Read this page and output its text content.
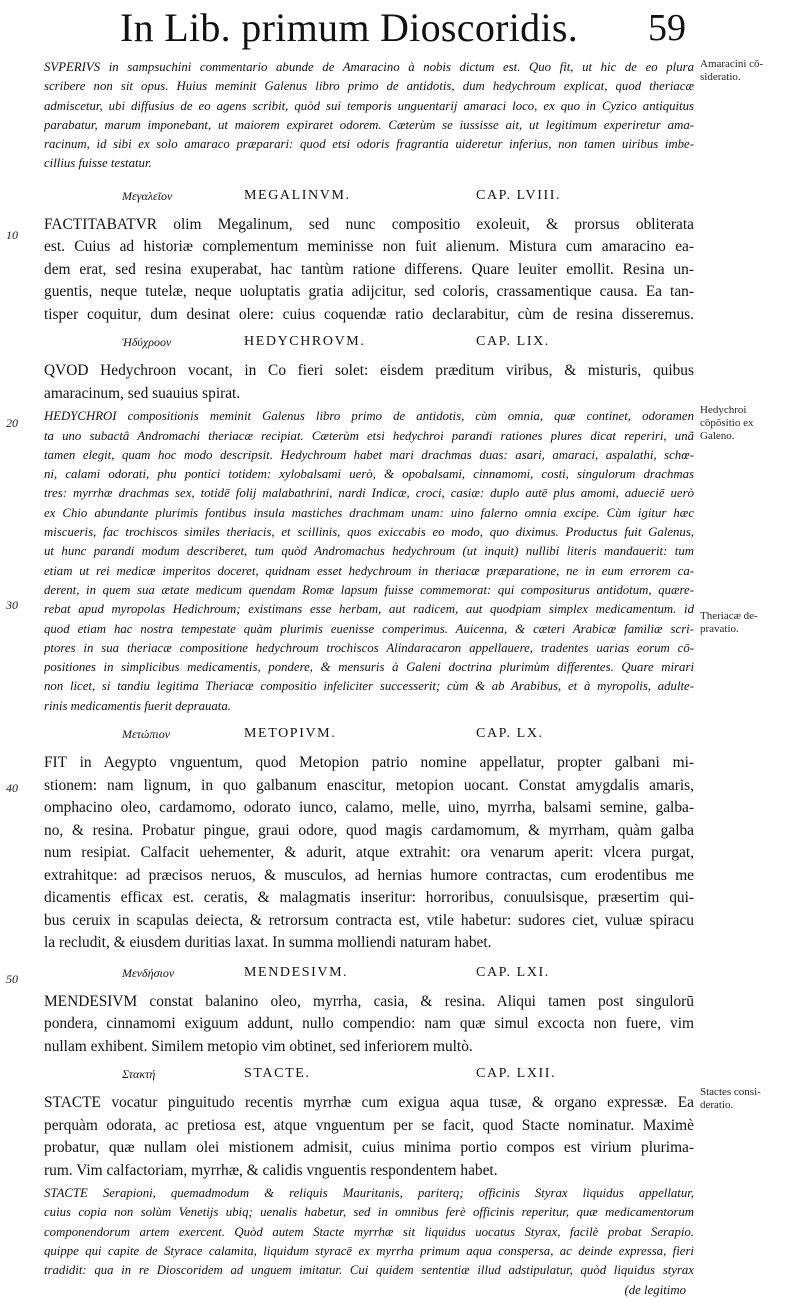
In Lib. primum Dioscoridis. 59
SVPERIVS in sampsuchini commentario abunde de Amaracino à nobis dictum est. Quo fit, ut hic de eo plura
scribere non sit opus. Huius meminit Galenus libro primo de antidotis, dum hedychroum explicat, quod theriacæ
admiscetur, ubi diffusius de eo agens scribit, quòd sui temporis unguentarij amaraci loco, ex quo in Cyzico antiquitus
parabatur, marum imponebant, ut maiorem expiraret odorem. Cæterùm se iussisse ait, ut legitimum experiretur ama-
racinum, id sibi ex solo amaraco præparari: quod etsi odoris fragrantia uideretur inferius, non tamen uiribus imbe-
cillius fuisse testatur.
Μεγαλεῖον	MEGALINVM.	CAP. LVIII.
FACTITABATVR olim Megalinum, sed nunc compositio exoleuit, & prorsus obliterata
est. Cuius ad historiæ complementum meminisse non fuit alienum. Mistura cum amaracino ea-
dem erat, sed resina exuperabat, hac tantùm ratione differens. Quare leuiter emollit. Resina un-
guentis, neque tutelæ, neque uoluptatis gratia adijcitur, sed coloris, crassamentique causa. Ea tan-
tisper coquitur, dum desinat olere: cuius coquendæ ratio declarabitur, cùm de resina disseremus.
Ἡδύχροον	HEDYCHROVM.	CAP. LIX.
QVOD Hedychroon vocant, in Co fieri solet: eisdem præditum viribus, & misturis, quibus
amaracinum, sed suauius spirat.
HEDYCHROI compositionis meminit Galenus libro primo de antidotis, cùm omnia, quæ continet, odoramen
ta uno subactâ Andromachi theriacæ recipiat. Cæterùm etsi hedychroi parandi rationes plures dicat reperiri, unã
tamen elegit, quam hoc modo descripsit. Hedychroum habet mari drachmas duas: asari, amaraci, aspalathi, schœ-
ni, calami odorati, phu pontici totidem: xylobalsami uerò, & opobalsami, cinnamomi, costi, singulorum drachmas
tres: myrrhæ drachmas sex, totidē folij malabathrini, nardi Indicæ, croci, casiæ: duplo autē plus amomi, adueciē uerò
ex Chio abundante plurimis fontibus insula mastiches drachmam unam: uino falerno omnia excipe. Cùm igitur hæc
miscueris, fac trochiscos similes theriacis, et scillinis, quos exiccabis eo modo, quo diximus. Productus fuit Galenus,
ut hunc parandi modum describeret, tum quòd Andromachus hedychroum (ut inquit) nullibi literis mandauerit: tum
etiam ut rei medicæ imperitos doceret, quidnam esset hedychroum in theriacæ præparatione, ne in eum errorem ca-
derent, in quem sua ætate medicum quendam Romæ lapsum fuisse commemorat: qui compositurus antidotum, quære-
rebat apud myropolas Hedichroum; existimans esse herbam, aut radicem, aut quodpiam simplex medicamentum. id
quod etiam hac nostra tempestate quàm plurimis euenisse comperimus. Auicenna, & cæteri Arabicæ familiæ scri-
ptores in sua theriacæ compositione hedychroum trochiscos Alindaracaron appellauere, tradentes uarias eorum cō-
positiones in simplicibus medicamentis, pondere, & mensuris à Galeni doctrina plurimùm differentes. Quare mirari
non licet, si tandiu legitima Theriacæ compositio infeliciter successerit; cùm & ab Arabibus, et à myropolis, adulte-
rinis medicamentis fuerit deprauata.
Μετώπιον	METOPIVM.	CAP. LX.
FIT in Aegypto vnguentum, quod Metopion patrio nomine appellatur, propter galbani mi-
stionem: nam lignum, in quo galbanum enascitur, metopion uocant. Constat amygdalis amaris,
omphacino oleo, cardamomo, odorato iunco, calamo, melle, uino, myrrha, balsami semine, galba-
no, & resina. Probatur pingue, graui odore, quod magis cardamomum, & myrrham, quàm galba
num resipiat. Calfacit uehementer, & adurit, atque extrahit: ora venarum aperit: vlcera purgat,
extrahitque: ad præcisos neruos, & musculos, ad hernias humore contractas, cum erodentibus me
dicamentis efficax est. ceratis, & malagmatis inseritur: horroribus, conuulsisque, præsertim qui-
bus ceruix in scapulas deiecta, & retrorsum contracta est, vtile habetur: sudores ciet, vuluæ spiracu
la recludit, & eiusdem duritias laxat. In summa molliendi naturam habet.
Μενδήσιον	MENDESIVM.	CAP. LXI.
MENDESIVM constat balanino oleo, myrrha, casia, & resina. Aliqui tamen post singulorū
pondera, cinnamomi exiguum addunt, nullo compendio: nam quæ simul excocta non fuere, vim
nullam exhibent. Similem metopio vim obtinet, sed inferiorem multò.
Στακτή	STACTE.	CAP. LXII.
STACTE vocatur pinguitudo recentis myrrhæ cum exigua aqua tusæ, & organo expressæ. Ea
perquàm odorata, ac pretiosa est, atque vnguentum per se facit, quod Stacte nominatur. Maximè
probatur, quæ nullam olei mistionem admisit, cuius minima portio compos est virium plurima-
rum. Vim calfactoriam, myrrhæ, & calidis vnguentis respondentem habet.
STACTE Serapioni, quemadmodum & reliquis Mauritanis, pariterq; officinis Styrax liquidus appellatur,
cuius copia non solùm Venetijs ubiq; uenalis habetur, sed in omnibus ferè officinis reperitur, quæ medicamentorum
componendorum artem exercent. Quòd autem Stacte myrrhæ sit liquidus uocatus Styrax, facilè probat Serapio.
quippe qui capite de Styrace calamita, liquidum styracē ex myrrha primum aqua conspersa, ac deinde expressa, fieri
tradidit: qua in re Dioscoridem ad unguem imitatur. Cui quidem sententiæ illud adstipulatur, quòd liquidus styrax
(de legitimo
Amaracini cō-
sideratio.
Hedychroi
cōpōsitio ex
Galeno.
Theriacæ de-
pravatio.
Stactes consi-
deratio.
10
20
30
40
50
